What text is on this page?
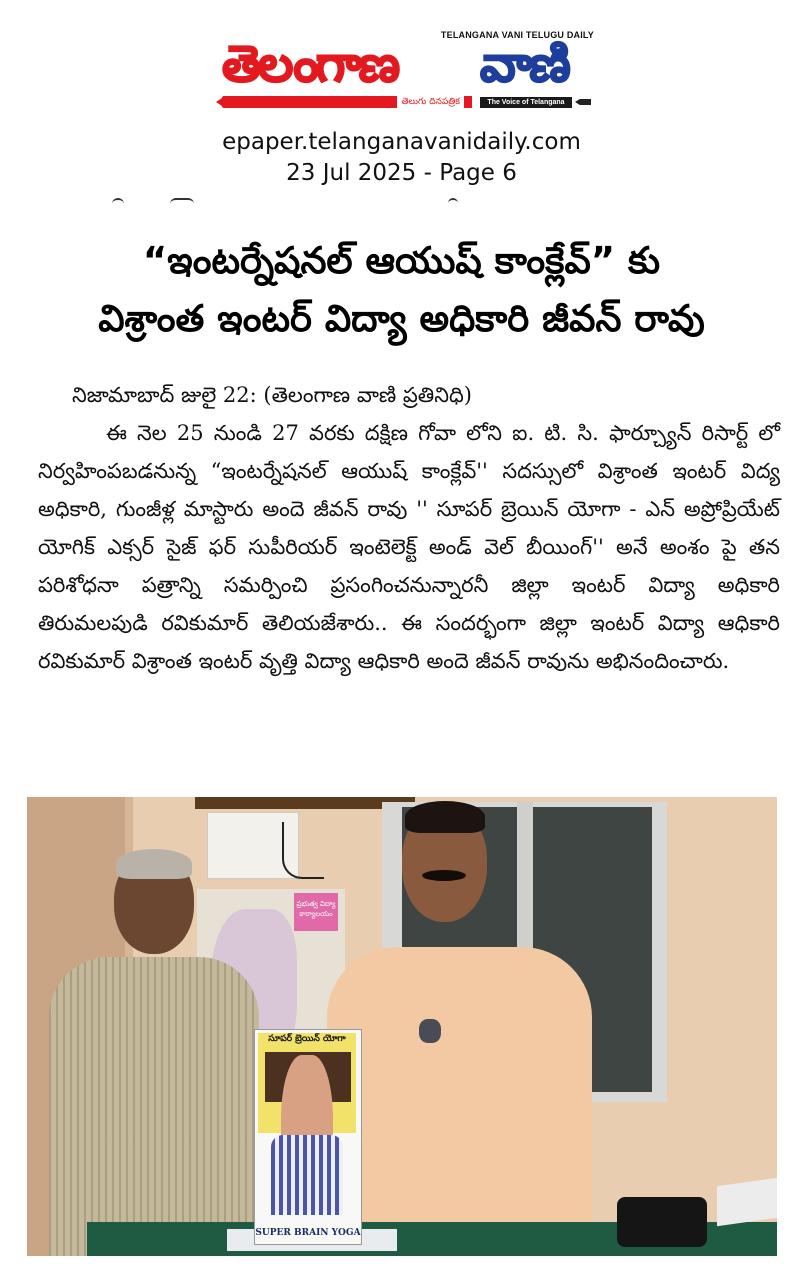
TELANGANA VANI TELUGU DAILY
తెలంగాణ వాణి
తెలుగు దినపత్రిక	The Voice of Telangana
epaper.telanganavanidaily.com
23 Jul 2025 - Page 6
“ఇంటర్నేషనల్ ఆయుష్ కాంక్లేవ్” కు
విశ్రాంత ఇంటర్ విద్యా అధికారి జీవన్ రావు
నిజామాబాద్ జులై 22: (తెలంగాణ వాణి ప్రతినిధి)
ఈ నెల 25 నుండి 27 వరకు దక్షిణ గోవా లోని ఐ. టి. సి. ఫార్చ్యూన్ రిసార్ట్ లో నిర్వహింపబడనున్న “ఇంటర్నేషనల్ ఆయుష్ కాంక్లేవ్'' సదస్సులో విశ్రాంత ఇంటర్ విద్య అధికారి, గుంజీళ్ల మాస్టారు అందె జీవన్ రావు '' సూపర్ బ్రెయిన్ యోగా - ఎన్ అప్రోప్రియేట్ యోగిక్ ఎక్సర్ సైజ్ ఫర్ సుపీరియర్ ఇంటెలెక్ట్ అండ్ వెల్ బీయింగ్'' అనే అంశం పై తన పరిశోధనా పత్రాన్ని సమర్పించి ప్రసంగించనున్నారనీ జిల్లా ఇంటర్ విద్యా అధికారి తిరుమలపుడి రవికుమార్ తెలియజేశారు.. ఈ సందర్భంగా జిల్లా ఇంటర్ విద్యా ఆధికారి రవికుమార్ విశ్రాంత ఇంటర్ వృత్తి విద్యా ఆధికారి అందె జీవన్ రావును అభినందించారు.
ప్రభుత్వ విద్యా కార్యాలయం
సూపర్ బ్రెయిన్ యోగా
SUPER BRAIN YOGA
